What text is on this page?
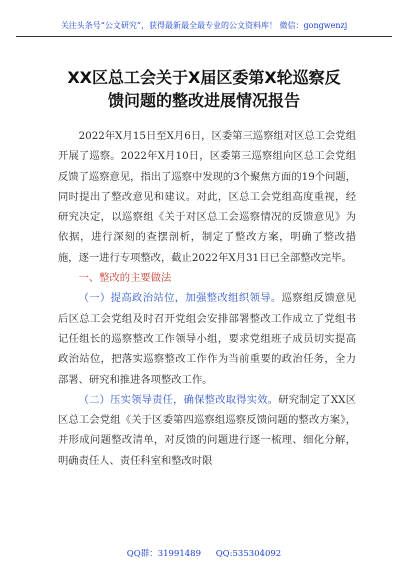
关注头条号“公文研究”，获得最新最全最专业的公文资料库！ 微信：gongwenzj
XX区总工会关于X届区委第X轮巡察反
馈问题的整改进展情况报告

2022年X月15日至X月6日，区委第三巡察组对区总工会党组开展了巡察。2022年X月10日，区委第三巡察组向区总工会党组反馈了巡察意见，指出了巡察中发现的3个聚焦方面的19个问题，同时提出了整改意见和建议。对此，区总工会党组高度重视，经研究决定，以巡察组《关于对区总工会巡察情况的反馈意见》为依据，进行深刻的查摆剖析，制定了整改方案，明确了整改措施，逐一进行专项整改，截止2022年X月31日已全部整改完毕。

一、整改的主要做法

（一）提高政治站位，加强整改组织领导。巡察组反馈意见后区总工会党组及时召开党组会安排部署整改工作成立了党组书记任组长的巡察整改工作领导小组，要求党组班子成员切实提高政治站位，把落实巡察整改工作作为当前重要的政治任务，全力部署、研究和推进各项整改工作。

（二）压实领导责任，确保整改取得实效。研究制定了XX区区总工会党组《关于区委第四巡察组巡察反馈问题的整改方案》，并形成问题整改清单，对反馈的问题进行逐一梳理、细化分解，明确责任人、责任科室和整改时限

QQ群：31991489 QQ:535304092
